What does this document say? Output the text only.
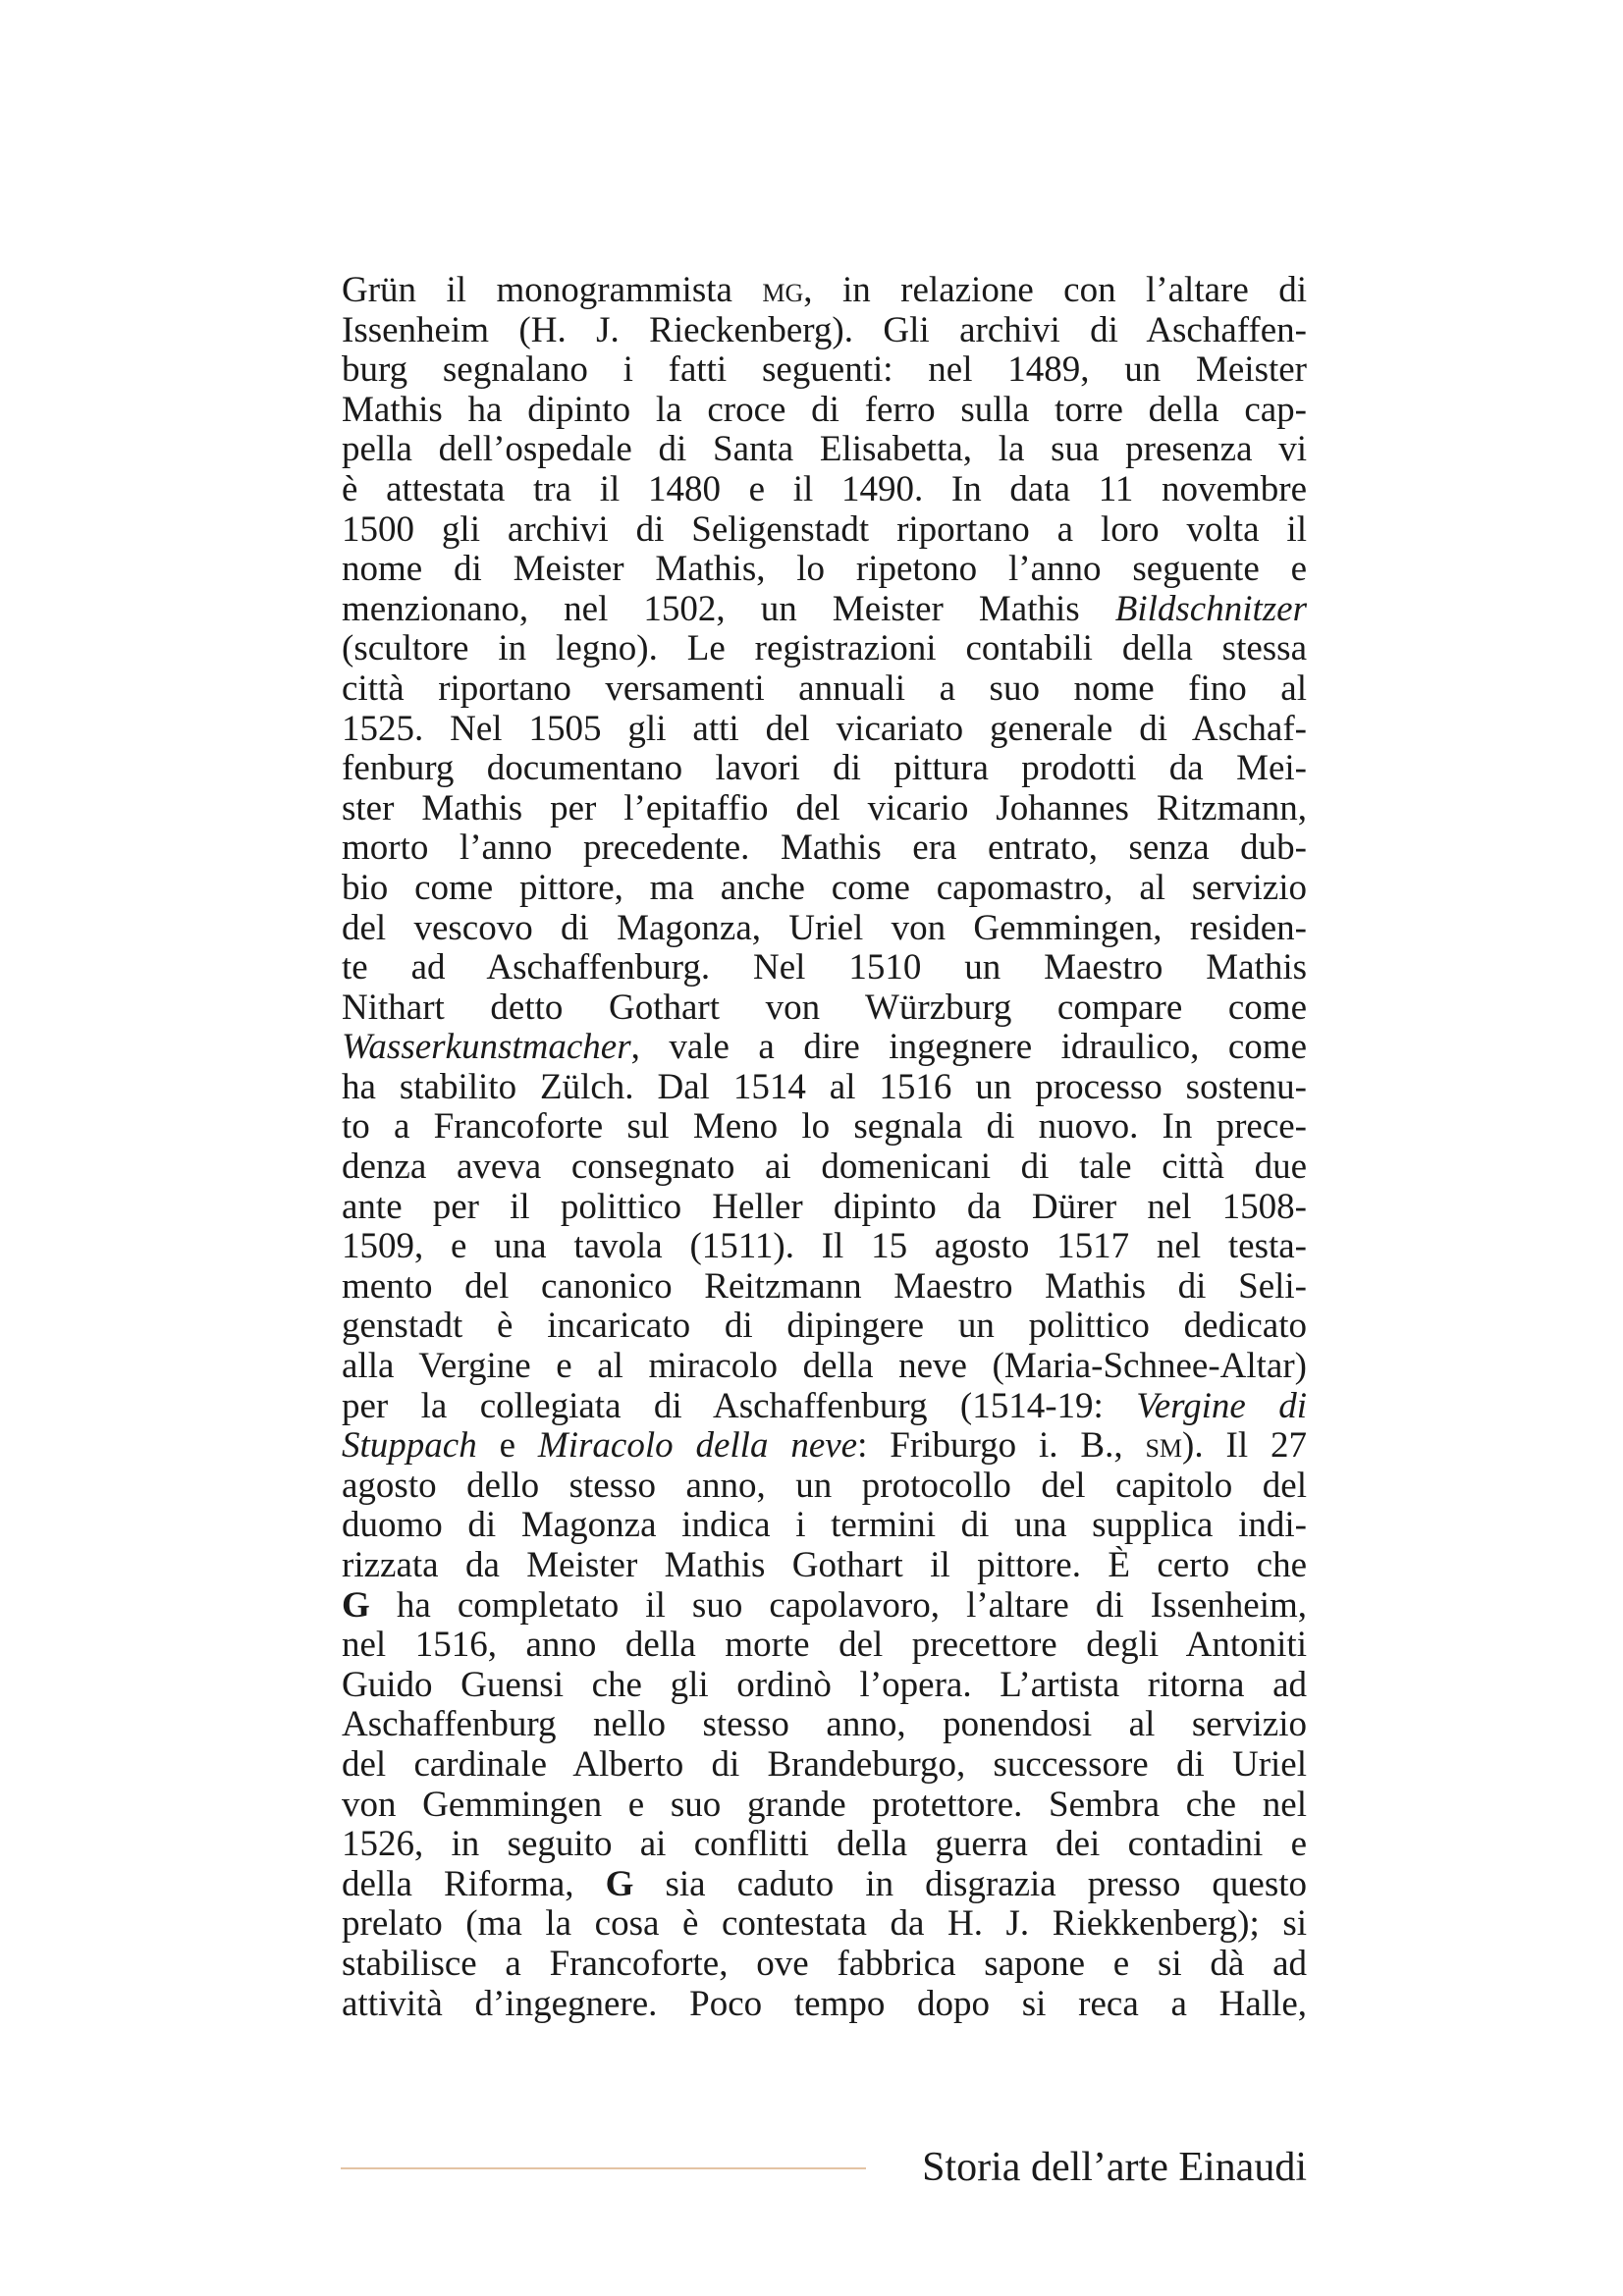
Grün il monogrammista mg, in relazione con l’altare di
Issenheim (H. J. Rieckenberg). Gli archivi di Aschaffen-
burg segnalano i fatti seguenti: nel 1489, un Meister
Mathis ha dipinto la croce di ferro sulla torre della cap-
pella dell’ospedale di Santa Elisabetta, la sua presenza vi
è attestata tra il 1480 e il 1490. In data 11 novembre
1500 gli archivi di Seligenstadt riportano a loro volta il
nome di Meister Mathis, lo ripetono l’anno seguente e
menzionano, nel 1502, un Meister Mathis Bildschnitzer
(scultore in legno). Le registrazioni contabili della stessa
città riportano versamenti annuali a suo nome fino al
1525. Nel 1505 gli atti del vicariato generale di Aschaf-
fenburg documentano lavori di pittura prodotti da Mei-
ster Mathis per l’epitaffio del vicario Johannes Ritzmann,
morto l’anno precedente. Mathis era entrato, senza dub-
bio come pittore, ma anche come capomastro, al servizio
del vescovo di Magonza, Uriel von Gemmingen, residen-
te ad Aschaffenburg. Nel 1510 un Maestro Mathis
Nithart detto Gothart von Würzburg compare come
Wasserkunstmacher, vale a dire ingegnere idraulico, come
ha stabilito Zülch. Dal 1514 al 1516 un processo sostenu-
to a Francoforte sul Meno lo segnala di nuovo. In prece-
denza aveva consegnato ai domenicani di tale città due
ante per il polittico Heller dipinto da Dürer nel 1508-
1509, e una tavola (1511). Il 15 agosto 1517 nel testa-
mento del canonico Reitzmann Maestro Mathis di Seli-
genstadt è incaricato di dipingere un polittico dedicato
alla Vergine e al miracolo della neve (Maria-Schnee-Altar)
per la collegiata di Aschaffenburg (1514-19: Vergine di
Stuppach e Miracolo della neve: Friburgo i. B., sm). Il 27
agosto dello stesso anno, un protocollo del capitolo del
duomo di Magonza indica i termini di una supplica indi-
rizzata da Meister Mathis Gothart il pittore. È certo che
G ha completato il suo capolavoro, l’altare di Issenheim,
nel 1516, anno della morte del precettore degli Antoniti
Guido Guensi che gli ordinò l’opera. L’artista ritorna ad
Aschaffenburg nello stesso anno, ponendosi al servizio
del cardinale Alberto di Brandeburgo, successore di Uriel
von Gemmingen e suo grande protettore. Sembra che nel
1526, in seguito ai conflitti della guerra dei contadini e
della Riforma, G sia caduto in disgrazia presso questo
prelato (ma la cosa è contestata da H. J. Riekkenberg); si
stabilisce a Francoforte, ove fabbrica sapone e si dà ad
attività d’ingegnere. Poco tempo dopo si reca a Halle,
Storia dell’arte Einaudi
